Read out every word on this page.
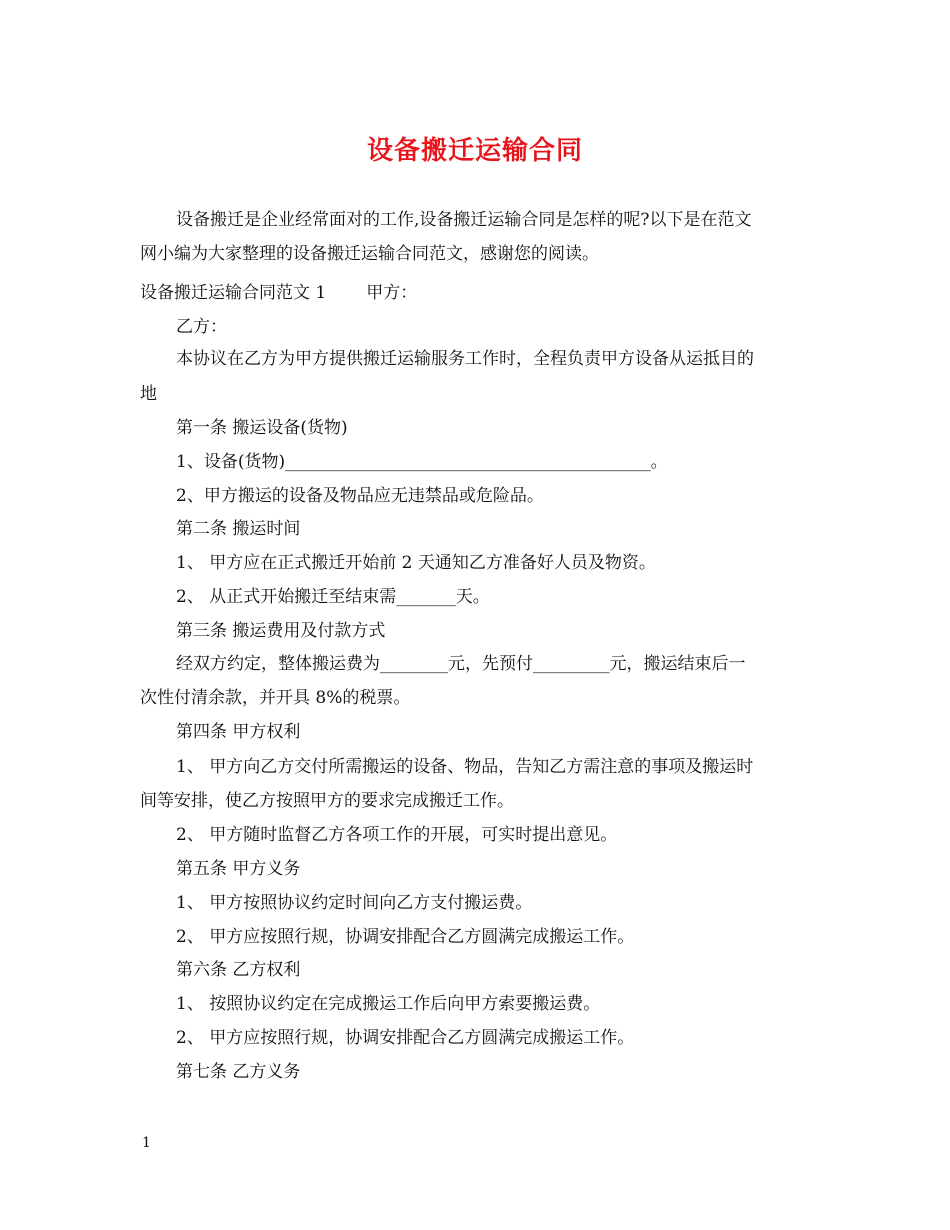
设备搬迁运输合同
设备搬迁是企业经常面对的工作,设备搬迁运输合同是怎样的呢?以下是在范文
网小编为大家整理的设备搬迁运输合同范文，感谢您的阅读。
设备搬迁运输合同范文 1 甲方：
乙方：
本协议在乙方为甲方提供搬迁运输服务工作时，全程负责甲方设备从运抵目的
地
第一条 搬运设备(货物)
1、设备(货物)___________________________________________。
2、甲方搬运的设备及物品应无违禁品或危险品。
第二条 搬运时间
1、 甲方应在正式搬迁开始前 2 天通知乙方准备好人员及物资。
2、 从正式开始搬迁至结束需_______天。
第三条 搬运费用及付款方式
经双方约定，整体搬运费为________元，先预付_________元，搬运结束后一
次性付清余款，并开具 8%的税票。
第四条 甲方权利
1、 甲方向乙方交付所需搬运的设备、物品，告知乙方需注意的事项及搬运时
间等安排，使乙方按照甲方的要求完成搬迁工作。
2、 甲方随时监督乙方各项工作的开展，可实时提出意见。
第五条 甲方义务
1、 甲方按照协议约定时间向乙方支付搬运费。
2、 甲方应按照行规，协调安排配合乙方圆满完成搬运工作。
第六条 乙方权利
1、 按照协议约定在完成搬运工作后向甲方索要搬运费。
2、 甲方应按照行规，协调安排配合乙方圆满完成搬运工作。
第七条 乙方义务
1
